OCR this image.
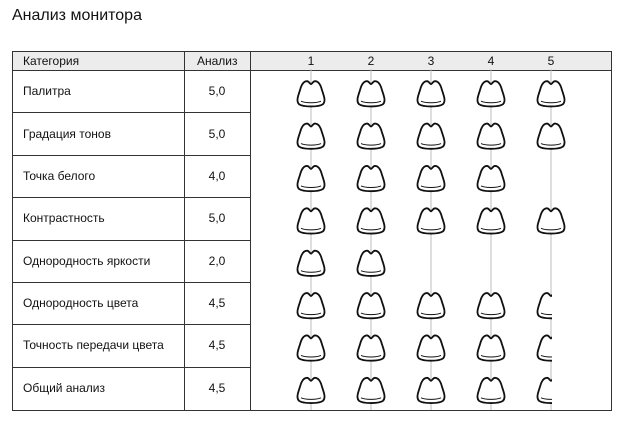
Анализ монитора
Категория	Анализ
Палитра	5,0
Градация тонов	5,0
Точка белого	4,0
Контрастность	5,0
Однородность яркости	2,0
Однородность цвета	4,5
Точность передачи цвета	4,5
Общий анализ	4,5
1	2	3	4	5
